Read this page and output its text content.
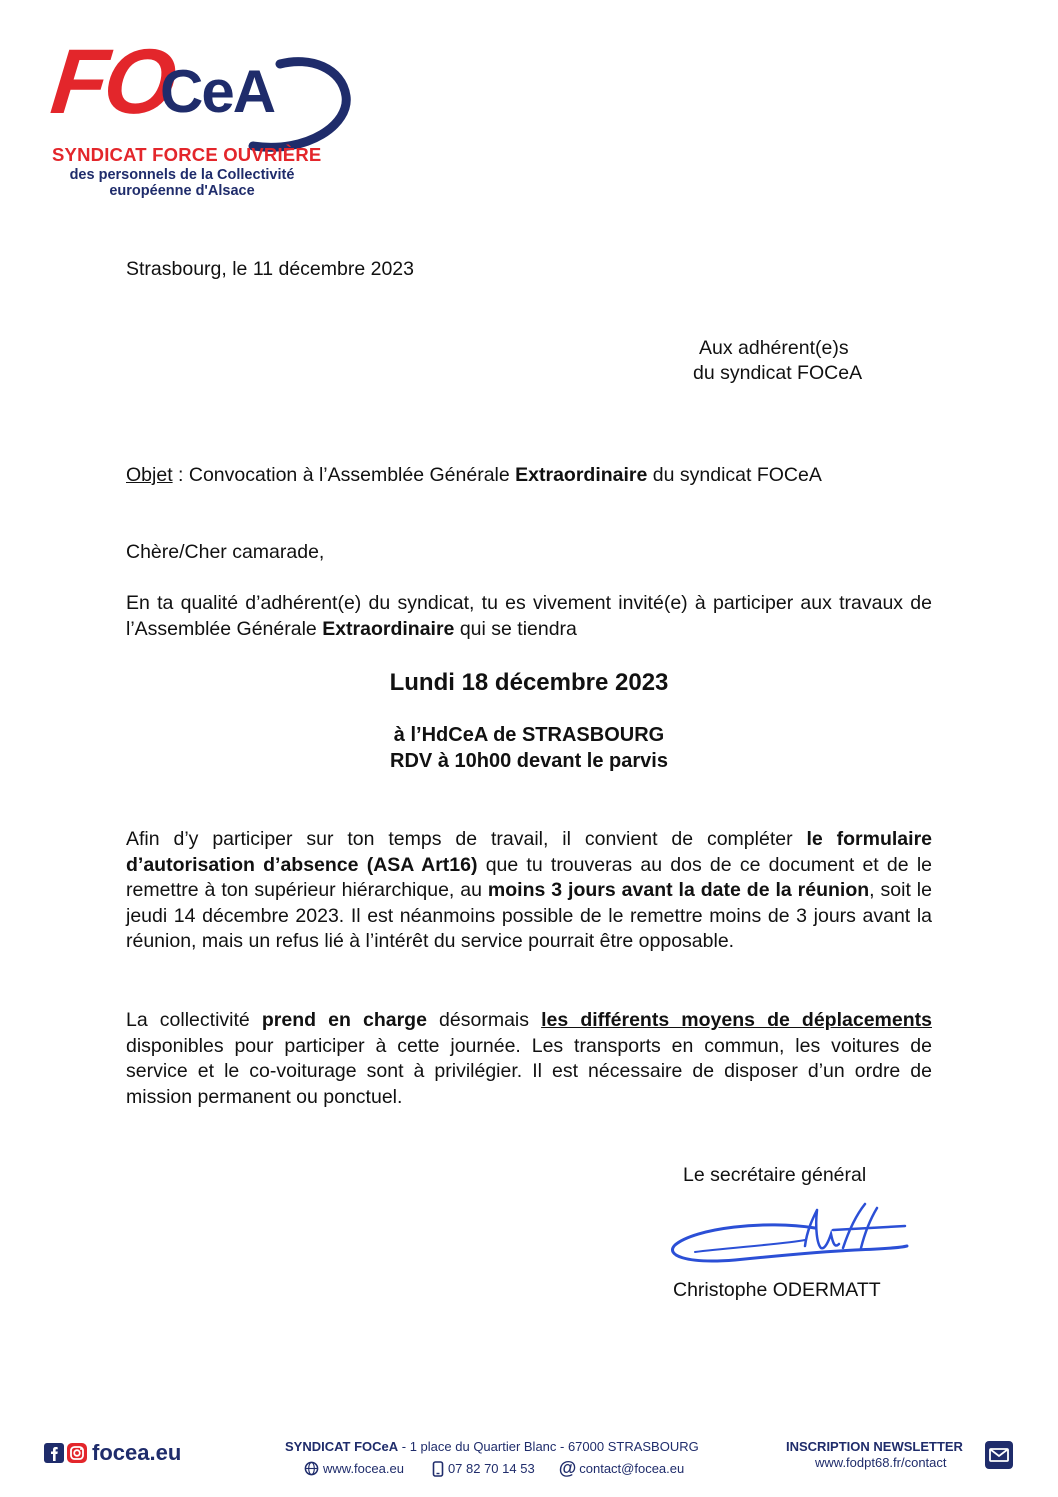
FO
CeA
SYNDICAT FORCE OUVRIÈRE
des personnels de la Collectivité
européenne d'Alsace
Strasbourg, le 11 décembre 2023
Aux adhérent(e)s
du syndicat FOCeA
Objet : Convocation à l’Assemblée Générale Extraordinaire du syndicat FOCeA
Chère/Cher camarade,
En ta qualité d’adhérent(e) du syndicat, tu es vivement invité(e) à participer aux travaux de l’Assemblée Générale Extraordinaire qui se tiendra
Lundi 18 décembre 2023
à l’HdCeA de STRASBOURG
RDV à 10h00 devant le parvis
Afin d’y participer sur ton temps de travail, il convient de compléter le formulaire d’autorisation d’absence (ASA Art16) que tu trouveras au dos de ce document et de le remettre à ton supérieur hiérarchique, au moins 3 jours avant la date de la réunion, soit le jeudi 14 décembre 2023. Il est néanmoins possible de le remettre moins de 3 jours avant la réunion, mais un refus lié à l’intérêt du service pourrait être opposable.
La collectivité prend en charge désormais les différents moyens de déplacements disponibles pour participer à cette journée. Les transports en commun, les voitures de service et le co-voiturage sont à privilégier. Il est nécessaire de disposer d’un ordre de mission permanent ou ponctuel.
Le secrétaire général
Christophe ODERMATT
focea.eu	SYNDICAT FOCeA - 1 place du Quartier Blanc - 67000 STRASBOURG
www.focea.eu	07 82 70 14 53 @ contact@focea.eu
INSCRIPTION NEWSLETTER
www.fodpt68.fr/contact
